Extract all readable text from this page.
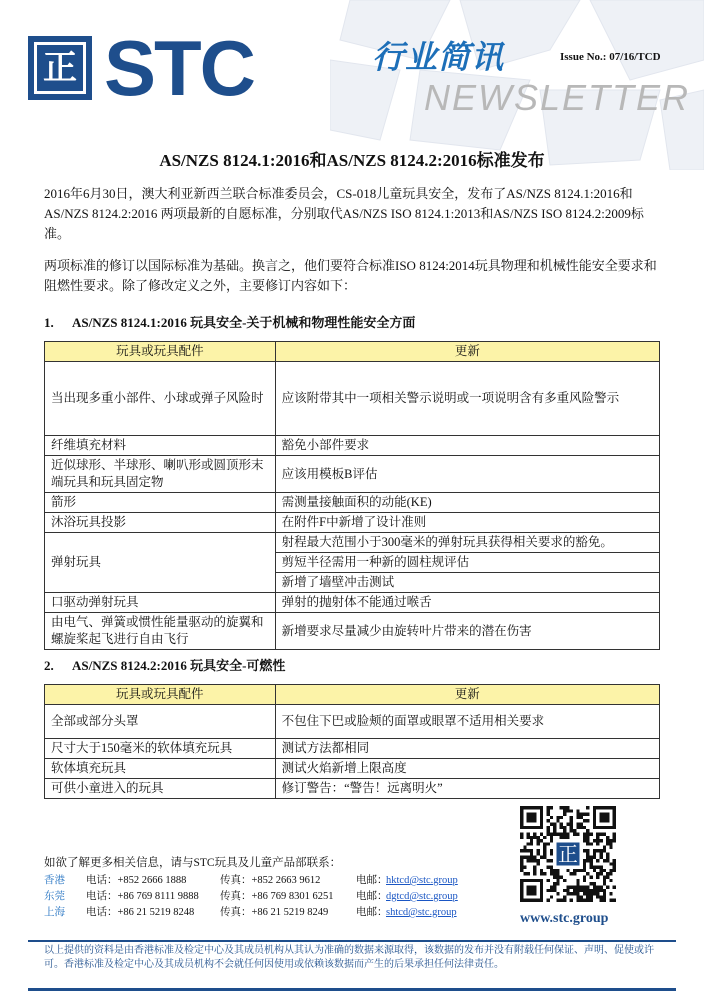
正 STC	行业简讯	Issue No.: 07/16/TCD
NEWSLETTER
AS/NZS 8124.1:2016和AS/NZS 8124.2:2016标准发布
2016年6月30日，澳大利亚新西兰联合标准委员会，CS-018儿童玩具安全，发布了AS/NZS 8124.1:2016和AS/NZS 8124.2:2016 两项最新的自愿标准，分别取代AS/NZS ISO 8124.1:2013和AS/NZS ISO 8124.2:2009标准。
两项标准的修订以国际标准为基础。换言之，他们要符合标准ISO 8124:2014玩具物理和机械性能安全要求和阻燃性要求。除了修改定义之外，主要修订内容如下：
1. AS/NZS 8124.1:2016 玩具安全-关于机械和物理性能安全方面
玩具或玩具配件	更新
当出现多重小部件、小球或弹子风险时	应该附带其中一项相关警示说明或一项说明含有多重风险警示
纤维填充材料	豁免小部件要求
近似球形、半球形、喇叭形或圆顶形末端玩具和玩具固定物	应该用模板B评估
箭形	需测量接触面积的动能(KE)
沐浴玩具投影	在附件F中新增了设计准则
弹射玩具	射程最大范围小于300毫米的弹射玩具获得相关要求的豁免。
	剪短半径需用一种新的圆柱规评估
	新增了墙壁冲击测试
口驱动弹射玩具	弹射的抛射体不能通过喉舌
由电气、弹簧或惯性能量驱动的旋翼和螺旋桨起飞进行自由飞行	新增要求尽量减少由旋转叶片带来的潜在伤害
2. AS/NZS 8124.2:2016 玩具安全-可燃性
玩具或玩具配件	更新
全部或部分头罩	不包住下巴或脸颊的面罩或眼罩不适用相关要求
尺寸大于150毫米的软体填充玩具	测试方法都相同
软体填充玩具	测试火焰新增上限高度
可供小童进入的玩具	修订警告：“警告！远离明火”
正
www.stc.group
如欲了解更多相关信息，请与STC玩具及儿童产品部联系：
香港 电话：+852 2666 1888	传真：+852 2663 9612	电邮：
hktcd@stc.group
东莞 电话：+86 769 8111 9888 传真：+86 769 8301 6251 电邮：
dgtcd@stc.group
上海 电话：+86 21 5219 8248 传真：+86 21 5219 8249	电邮：
shtcd@stc.group
以上提供的资料是由香港标准及检定中心及其成员机构从其认为准确的数据来源取得，该数据的发布并没有附载任何保证、声明、促使或许可。香港标准及检定中心及其成员机构不会就任何因使用或依赖该数据而产生的后果承担任何法律责任。
